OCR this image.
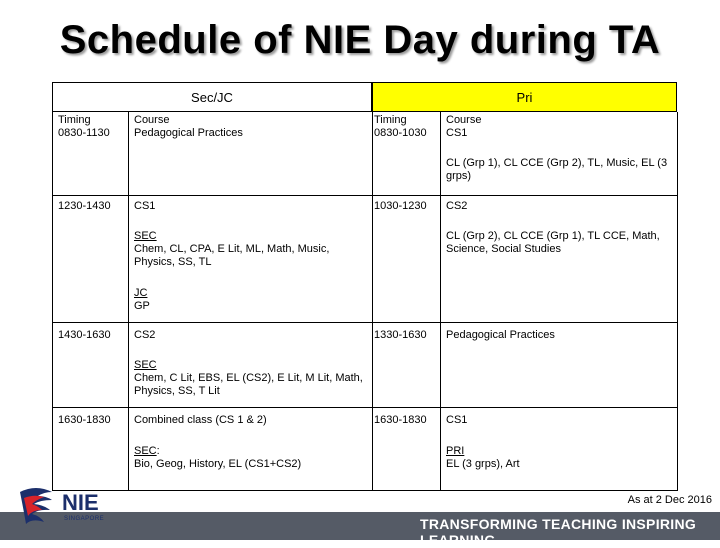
Schedule of NIE Day during TA
Sec/JC	Pri
Timing
0830-1130
Course
Pedagogical Practices
Timing
0830-1030
Course
CS1
CL (Grp 1), CL CCE (Grp 2), TL, Music, EL (3 grps)
1230-1430 CS1
SEC
Chem, CL, CPA, E Lit, ML, Math, Music, Physics, SS, TL
JC
GP
1030-1230 CS2
CL (Grp 2), CL CCE (Grp 1), TL CCE, Math, Science, Social Studies
1430-1630 CS2
SEC
Chem, C Lit, EBS, EL (CS2), E Lit, M Lit, Math, Physics, SS, T Lit
1330-1630 Pedagogical Practices
1630-1830 Combined class (CS 1 & 2)
SEC:
Bio, Geog, History, EL (CS1+CS2)
1630-1830 CS1
PRI
EL (3 grps), Art
As at 2 Dec 2016
TRANSFORMING TEACHING INSPIRING LEARNING
NIE
SINGAPORE
